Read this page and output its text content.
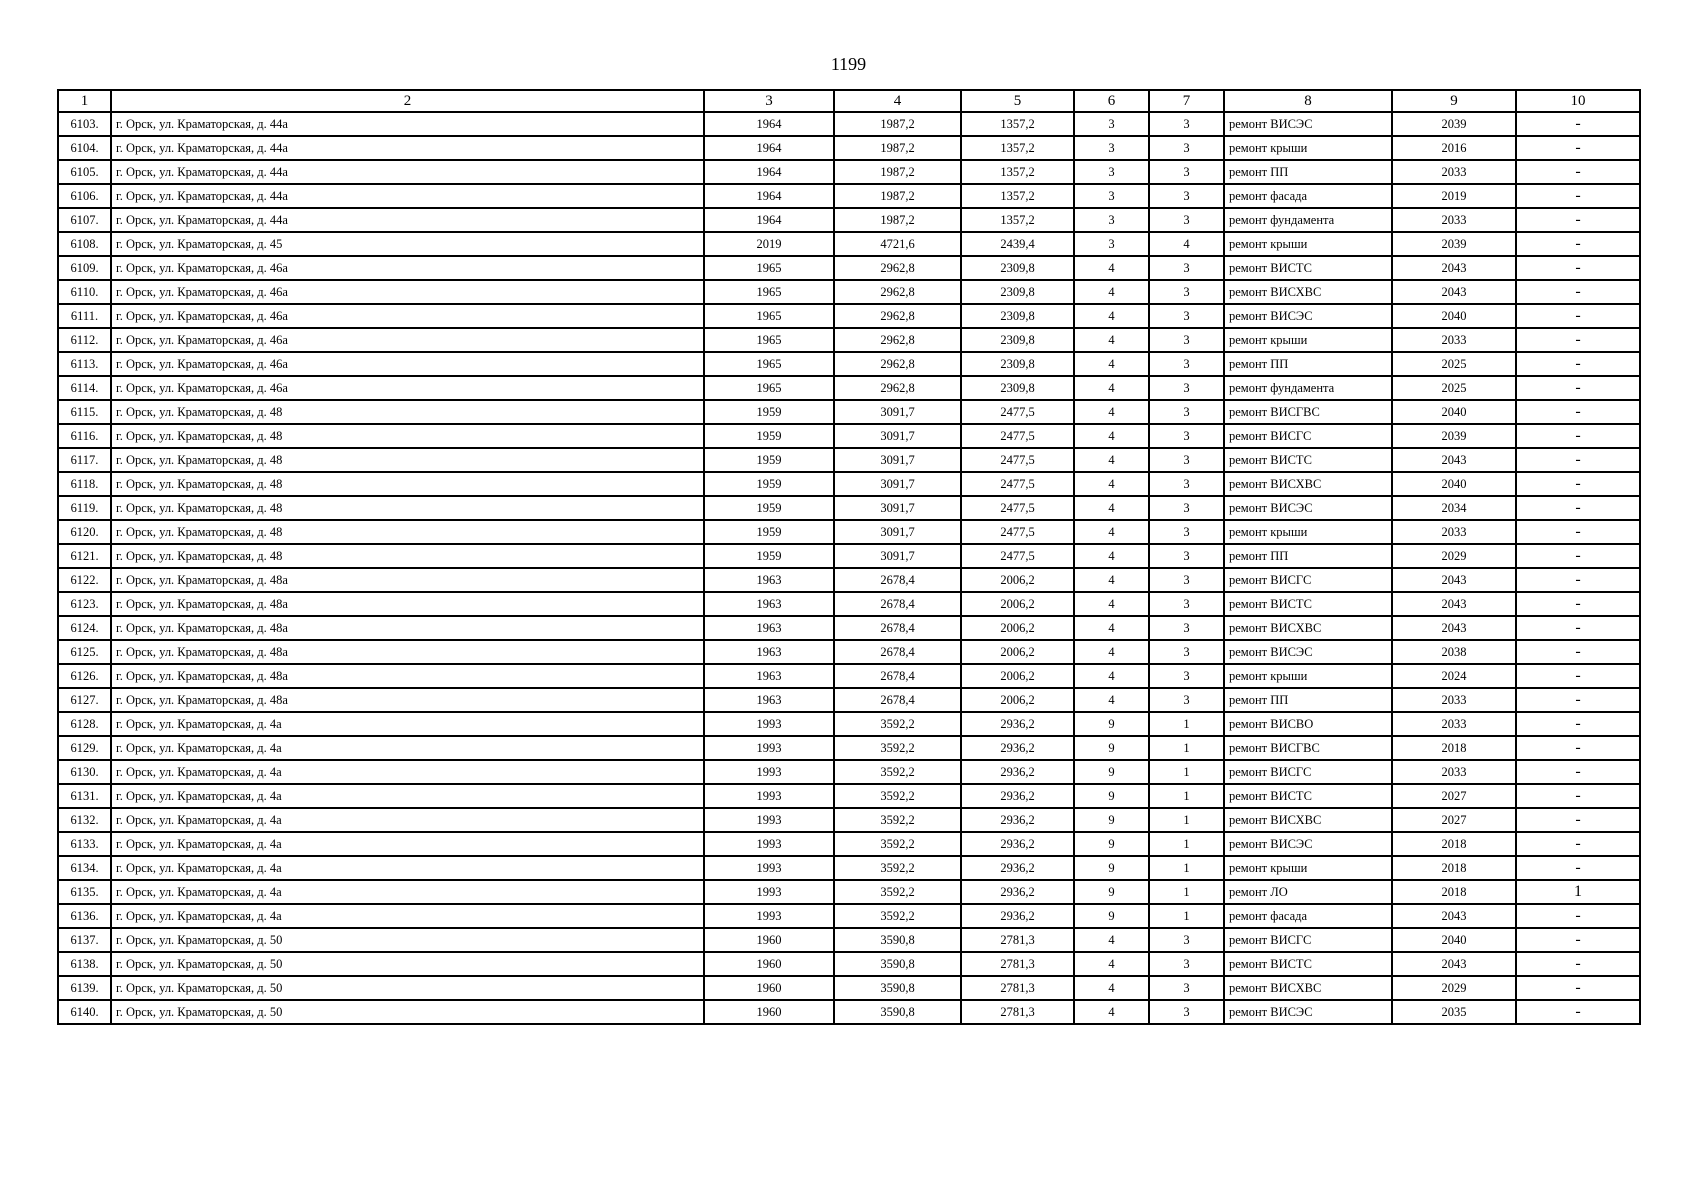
1199
1	2	3	4	5	6	7	8	9	10
6103.	г. Орск, ул. Краматорская, д. 44а	1964	1987,2	1357,2	3	3	ремонт ВИСЭС	2039	-
6104.	г. Орск, ул. Краматорская, д. 44а	1964	1987,2	1357,2	3	3	ремонт крыши	2016	-
6105.	г. Орск, ул. Краматорская, д. 44а	1964	1987,2	1357,2	3	3	ремонт ПП	2033	-
6106.	г. Орск, ул. Краматорская, д. 44а	1964	1987,2	1357,2	3	3	ремонт фасада	2019	-
6107.	г. Орск, ул. Краматорская, д. 44а	1964	1987,2	1357,2	3	3	ремонт фундамента	2033	-
6108.	г. Орск, ул. Краматорская, д. 45	2019	4721,6	2439,4	3	4	ремонт крыши	2039	-
6109.	г. Орск, ул. Краматорская, д. 46а	1965	2962,8	2309,8	4	3	ремонт ВИСТС	2043	-
6110.	г. Орск, ул. Краматорская, д. 46а	1965	2962,8	2309,8	4	3	ремонт ВИСХВС	2043	-
6111.	г. Орск, ул. Краматорская, д. 46а	1965	2962,8	2309,8	4	3	ремонт ВИСЭС	2040	-
6112.	г. Орск, ул. Краматорская, д. 46а	1965	2962,8	2309,8	4	3	ремонт крыши	2033	-
6113.	г. Орск, ул. Краматорская, д. 46а	1965	2962,8	2309,8	4	3	ремонт ПП	2025	-
6114.	г. Орск, ул. Краматорская, д. 46а	1965	2962,8	2309,8	4	3	ремонт фундамента	2025	-
6115.	г. Орск, ул. Краматорская, д. 48	1959	3091,7	2477,5	4	3	ремонт ВИСГВС	2040	-
6116.	г. Орск, ул. Краматорская, д. 48	1959	3091,7	2477,5	4	3	ремонт ВИСГС	2039	-
6117.	г. Орск, ул. Краматорская, д. 48	1959	3091,7	2477,5	4	3	ремонт ВИСТС	2043	-
6118.	г. Орск, ул. Краматорская, д. 48	1959	3091,7	2477,5	4	3	ремонт ВИСХВС	2040	-
6119.	г. Орск, ул. Краматорская, д. 48	1959	3091,7	2477,5	4	3	ремонт ВИСЭС	2034	-
6120.	г. Орск, ул. Краматорская, д. 48	1959	3091,7	2477,5	4	3	ремонт крыши	2033	-
6121.	г. Орск, ул. Краматорская, д. 48	1959	3091,7	2477,5	4	3	ремонт ПП	2029	-
6122.	г. Орск, ул. Краматорская, д. 48а	1963	2678,4	2006,2	4	3	ремонт ВИСГС	2043	-
6123.	г. Орск, ул. Краматорская, д. 48а	1963	2678,4	2006,2	4	3	ремонт ВИСТС	2043	-
6124.	г. Орск, ул. Краматорская, д. 48а	1963	2678,4	2006,2	4	3	ремонт ВИСХВС	2043	-
6125.	г. Орск, ул. Краматорская, д. 48а	1963	2678,4	2006,2	4	3	ремонт ВИСЭС	2038	-
6126.	г. Орск, ул. Краматорская, д. 48а	1963	2678,4	2006,2	4	3	ремонт крыши	2024	-
6127.	г. Орск, ул. Краматорская, д. 48а	1963	2678,4	2006,2	4	3	ремонт ПП	2033	-
6128.	г. Орск, ул. Краматорская, д. 4а	1993	3592,2	2936,2	9	1	ремонт ВИСВО	2033	-
6129.	г. Орск, ул. Краматорская, д. 4а	1993	3592,2	2936,2	9	1	ремонт ВИСГВС	2018	-
6130.	г. Орск, ул. Краматорская, д. 4а	1993	3592,2	2936,2	9	1	ремонт ВИСГС	2033	-
6131.	г. Орск, ул. Краматорская, д. 4а	1993	3592,2	2936,2	9	1	ремонт ВИСТС	2027	-
6132.	г. Орск, ул. Краматорская, д. 4а	1993	3592,2	2936,2	9	1	ремонт ВИСХВС	2027	-
6133.	г. Орск, ул. Краматорская, д. 4а	1993	3592,2	2936,2	9	1	ремонт ВИСЭС	2018	-
6134.	г. Орск, ул. Краматорская, д. 4а	1993	3592,2	2936,2	9	1	ремонт крыши	2018	-
6135.	г. Орск, ул. Краматорская, д. 4а	1993	3592,2	2936,2	9	1	ремонт ЛО	2018	1
6136.	г. Орск, ул. Краматорская, д. 4а	1993	3592,2	2936,2	9	1	ремонт фасада	2043	-
6137.	г. Орск, ул. Краматорская, д. 50	1960	3590,8	2781,3	4	3	ремонт ВИСГС	2040	-
6138.	г. Орск, ул. Краматорская, д. 50	1960	3590,8	2781,3	4	3	ремонт ВИСТС	2043	-
6139.	г. Орск, ул. Краматорская, д. 50	1960	3590,8	2781,3	4	3	ремонт ВИСХВС	2029	-
6140.	г. Орск, ул. Краматорская, д. 50	1960	3590,8	2781,3	4	3	ремонт ВИСЭС	2035	-
